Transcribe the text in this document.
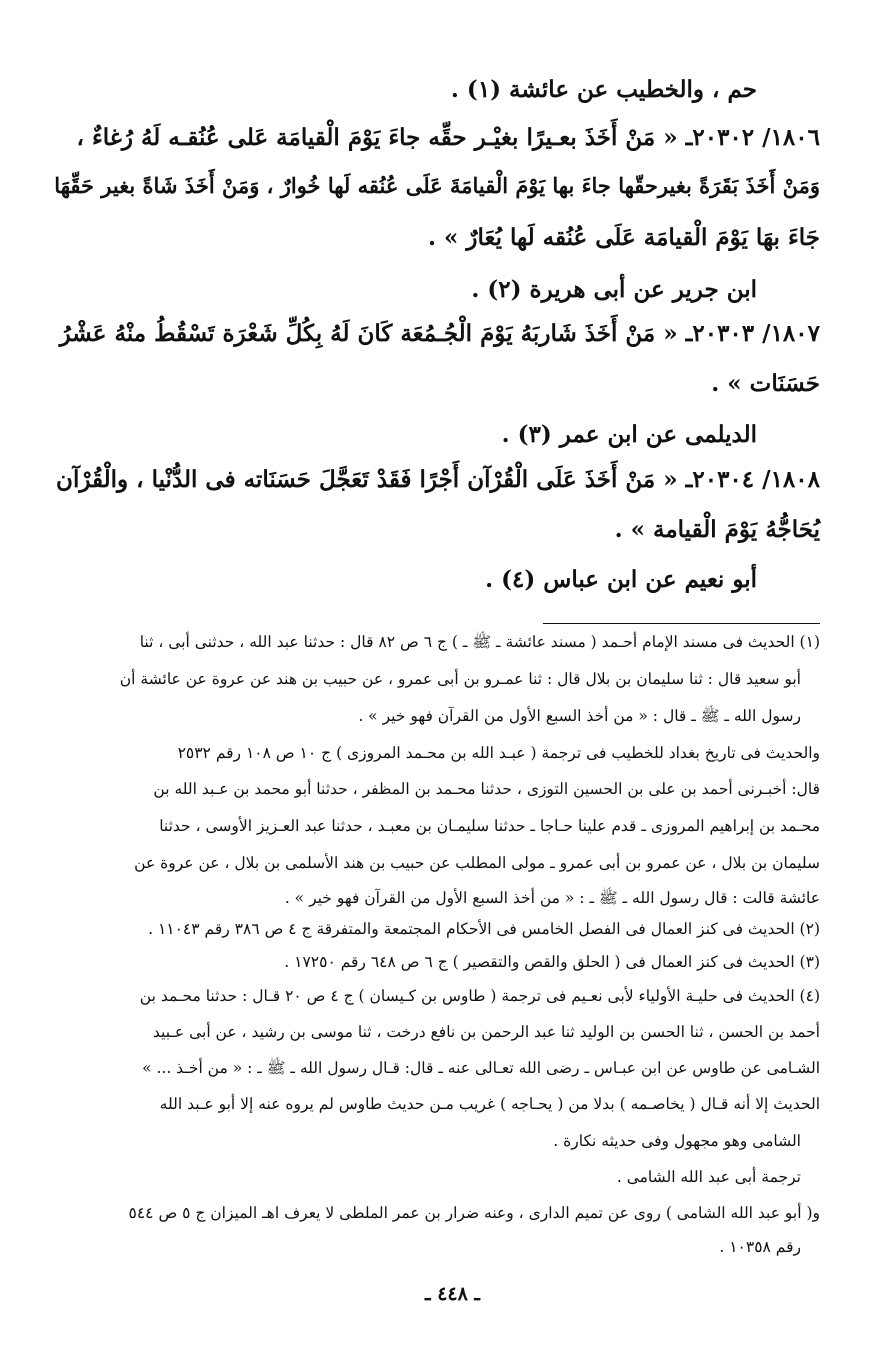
حم ، والخطيب عن عائشة (١) .
١٨٠٦/ ٢٠٣٠٢ـ « مَنْ أَخَذَ بعـيرًا بغيْـر حقِّه جاءَ يَوْمَ الْقيامَة عَلى عُنُقـه لَهُ رُغاءٌ ،
وَمَنْ أَخَذَ بَقَرَةً بغيرحقّها جاءَ بها يَوْمَ الْقيامَةَ عَلَى عُنُقه لَها خُوارٌ ، وَمَنْ أَخَذَ شَاةً بغير حَقِّهَا
جَاءَ بهَا يَوْمَ الْقيامَة عَلَى عُنُقه لَها يُعَارٌ » .
ابن جرير عن أبى هريرة (٢) .
١٨٠٧/ ٢٠٣٠٣ـ « مَنْ أَخَذَ شَاربَهُ يَوْمَ الْجُـمُعَة كَانَ لَهُ بِكُلِّ شَعْرَة تَسْقُطُ منْهُ عَشْرُ
حَسَنَات » .
الديلمى عن ابن عمر (٣) .
١٨٠٨/ ٢٠٣٠٤ـ « مَنْ أَخَذَ عَلَى الْقُرْآن أَجْرًا فَقَدْ تَعَجَّلَ حَسَنَاته فى الدُّنْيا ، والْقُرْآن
يُحَاجُّهُ يَوْمَ الْقيامة » .
أبو نعيم عن ابن عباس (٤) .
(١) الحديث فى مسند الإمام أحـمد ( مسند عائشة ـ ﷺ ـ ) ج ٦ ص ٨٢ قال : حدثنا عبد الله ، حدثنى أبى ، ثنا
أبو سعيد قال : ثنا سليمان بن بلال قال : ثنا عمـرو بن أبى عمرو ، عن حبيب بن هند عن عروة عن عائشة أن
رسول الله ـ ﷺ ـ قال : « من أخذ السبع الأول من القرآن فهو خير » .
والحديث فى تاريخ بغداد للخطيب فى ترجمة ( عبـد الله بن محـمد المروزى ) ج ١٠ ص ١٠٨ رقم ٢٥٣٢
قال: أخبـرنى أحمد بن على بن الحسين التوزى ، حدثنا محـمد بن المظفر ، حدثنا أبو محمد بن عـبد الله بن
محـمد بن إبراهيم المروزى ـ قدم علينا حـاجا ـ حدثنا سليمـان بن معبـد ، حدثنا عبد العـزيز الأوسى ، حدثنا
سليمان بن بلال ، عن عمرو بن أبى عمرو ـ مولى المطلب عن حبيب بن هند الأسلمى بن بلال ، عن عروة عن
عائشة قالت : قال رسول الله ـ ﷺ ـ : « من أخذ السبع الأول من القرآن فهو خير » .
(٢) الحديث فى كنز العمال فى الفصل الخامس فى الأحكام المجتمعة والمتفرقة ج ٤ ص ٣٨٦ رقم ١١٠٤٣ .
(٣) الحديث فى كنز العمال فى ( الحلق والقص والتقصير ) ج ٦ ص ٦٤٨ رقم ١٧٢٥٠ .
(٤) الحديث فى حليـة الأولياء لأبى نعـيم فى ترجمة ( طاوس بن كـيسان ) ج ٤ ص ٢٠ قـال : حدثنا محـمد بن
أحمد بن الحسن ، ثنا الحسن بن الوليد ثنا عبد الرحمن بن نافع درخت ، ثنا موسى بن رشيد ، عن أبى عـبيد
الشـامى عن طاوس عن ابن عبـاس ـ رضى الله تعـالى عنه ـ قال: قـال رسول الله ـ ﷺ ـ : « من أخـذ ... »
الحديث إلا أنه قـال ( يخاصـمه ) بدلا من ( يحـاجه ) غريب مـن حديث طاوس لم يروه عنه إلا أبو عـبد الله
الشامى وهو مجهول وفى حديثه نكارة .
ترجمة أبى عبد الله الشامى .
و( أبو عبد الله الشامى ) روى عن تميم الدارى ، وعنه ضرار بن عمر الملطى لا يعرف اهـ الميزان ج ٥ ص ٥٤٤
رقم ١٠٣٥٨ .
ـ ٤٤٨ ـ
